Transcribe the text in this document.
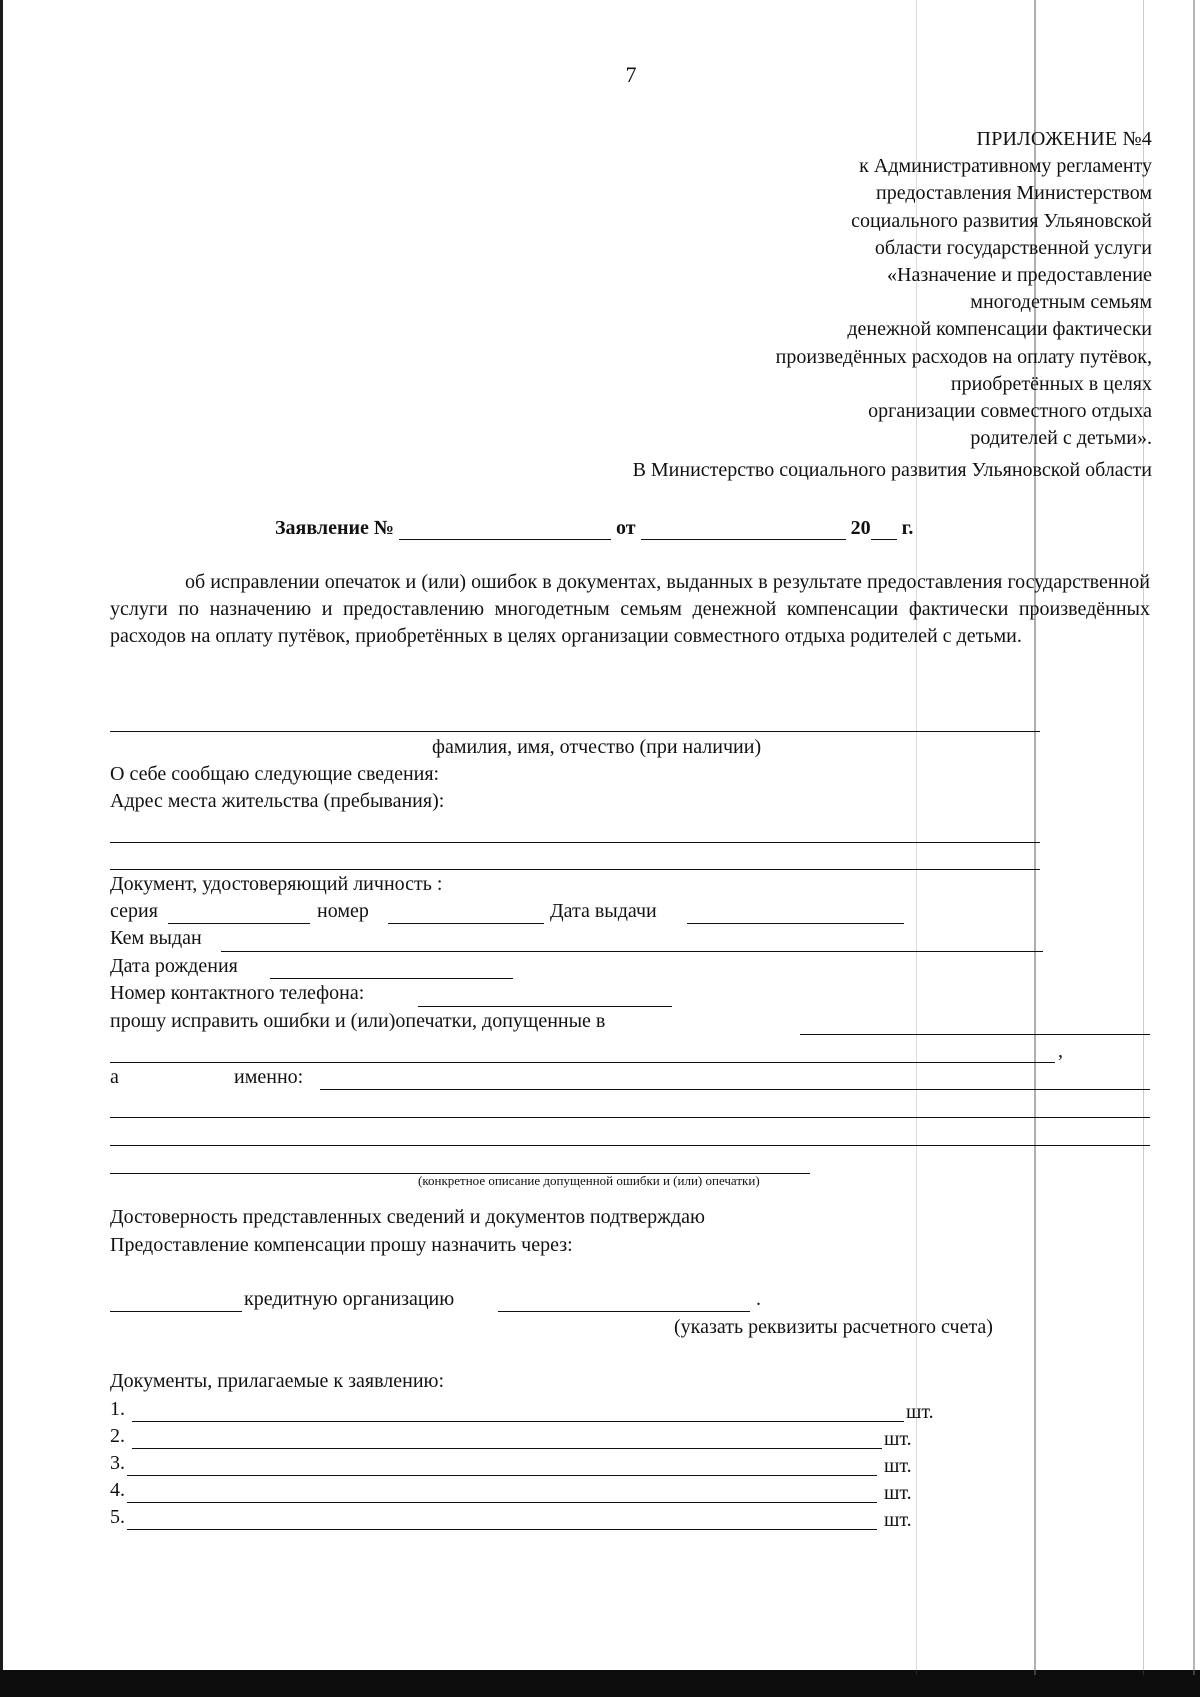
7
ПРИЛОЖЕНИЕ №4
к Административному регламенту
предоставления Министерством
социального развития Ульяновской
области государственной услуги
«Назначение и предоставление
многодетным семьям
денежной компенсации фактически
произведённых расходов на оплату путёвок,
приобретённых в целях
организации совместного отдыха
родителей с детьми».
В Министерство социального развития Ульяновской области
Заявление №	от	20 г.
об исправлении опечаток и (или) ошибок в документах, выданных в результате предоставления государственной услуги по назначению и предоставлению многодетным семьям денежной компенсации фактически произведённых расходов на оплату путёвок, приобретённых в целях организации совместного отдыха родителей с детьми.
фамилия, имя, отчество (при наличии)
О себе сообщаю следующие сведения:
Адрес места жительства (пребывания):
Документ, удостоверяющий личность :
серия	номер	Дата выдачи
Кем выдан
Дата рождения
Номер контактного телефона:
прошу исправить ошибки и (или)опечатки, допущенные в
,
а	именно:
(конкретное описание допущенной ошибки и (или) опечатки)
Достоверность представленных сведений и документов подтверждаю
Предоставление компенсации прошу назначить через:
кредитную организацию	.
(указать реквизиты расчетного счета)
Документы, прилагаемые к заявлению:
1.	шт.
2.	шт.
3.	шт.
4.	шт.
5.	шт.
